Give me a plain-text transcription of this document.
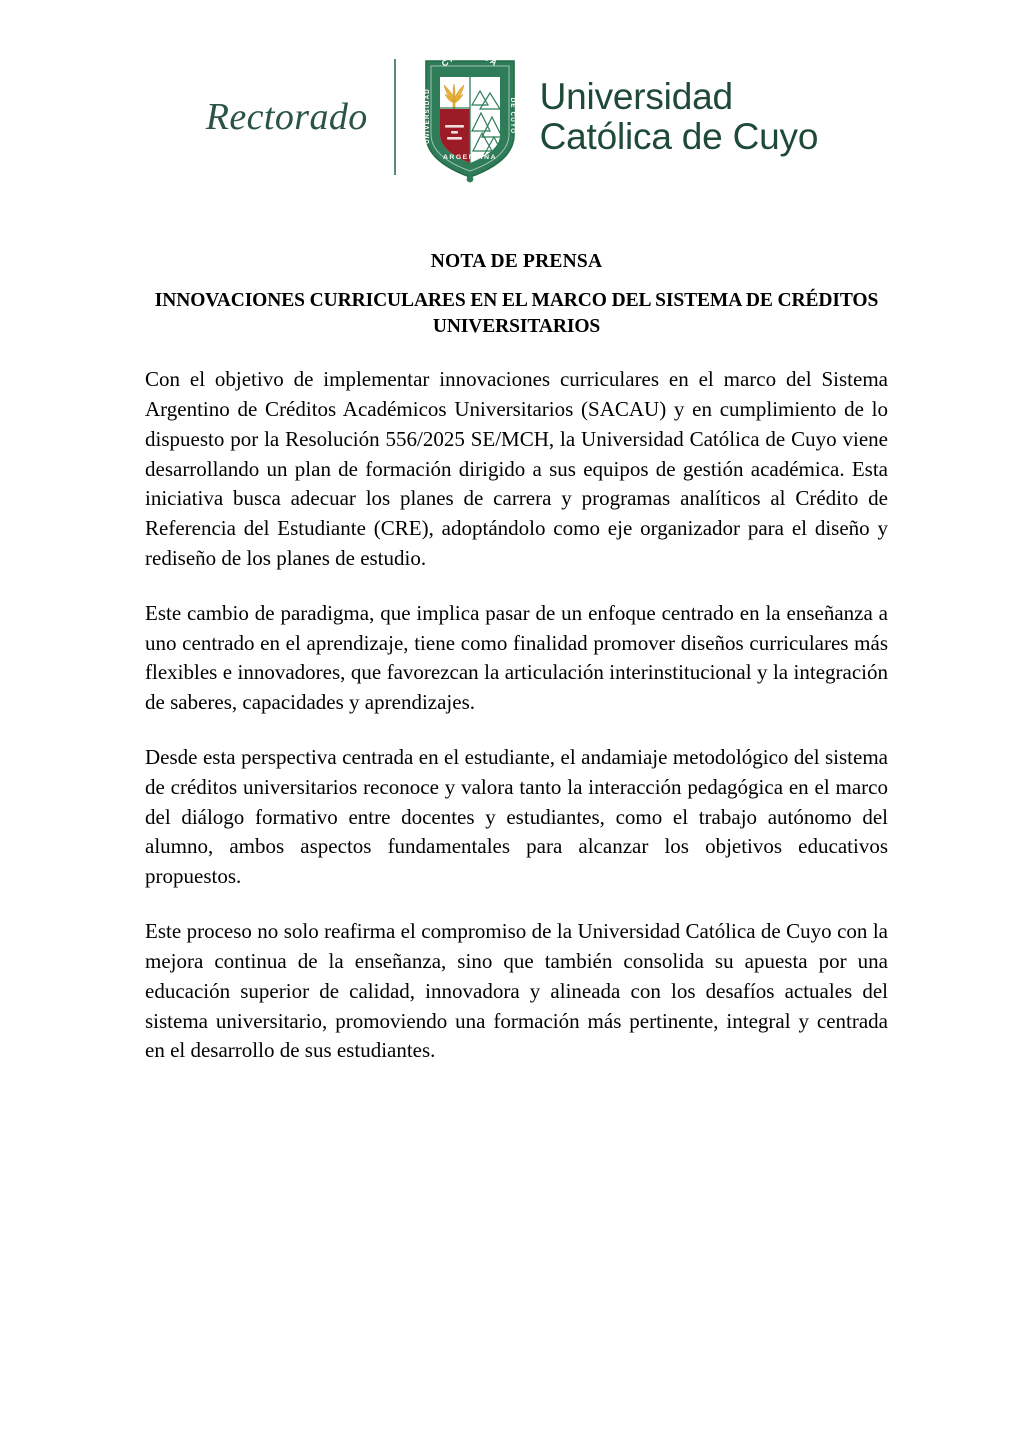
Rectorado
CATOLICA
UNIVERSIDAD
DE CUYO
ARGENTINA
Universidad
Católica de Cuyo
NOTA DE PRENSA
INNOVACIONES CURRICULARES EN EL MARCO DEL SISTEMA DE CRÉDITOS UNIVERSITARIOS

Con el objetivo de implementar innovaciones curriculares en el marco del Sistema Argentino de Créditos Académicos Universitarios (SACAU) y en cumplimiento de lo dispuesto por la Resolución 556/2025 SE/MCH, la Universidad Católica de Cuyo viene desarrollando un plan de formación dirigido a sus equipos de gestión académica. Esta iniciativa busca adecuar los planes de carrera y programas analíticos al Crédito de Referencia del Estudiante (CRE), adoptándolo como eje organizador para el diseño y rediseño de los planes de estudio.

Este cambio de paradigma, que implica pasar de un enfoque centrado en la enseñanza a uno centrado en el aprendizaje, tiene como finalidad promover diseños curriculares más flexibles e innovadores, que favorezcan la articulación interinstitucional y la integración de saberes, capacidades y aprendizajes.

Desde esta perspectiva centrada en el estudiante, el andamiaje metodológico del sistema de créditos universitarios reconoce y valora tanto la interacción pedagógica en el marco del diálogo formativo entre docentes y estudiantes, como el trabajo autónomo del alumno, ambos aspectos fundamentales para alcanzar los objetivos educativos propuestos.

Este proceso no solo reafirma el compromiso de la Universidad Católica de Cuyo con la mejora continua de la enseñanza, sino que también consolida su apuesta por una educación superior de calidad, innovadora y alineada con los desafíos actuales del sistema universitario, promoviendo una formación más pertinente, integral y centrada en el desarrollo de sus estudiantes.
